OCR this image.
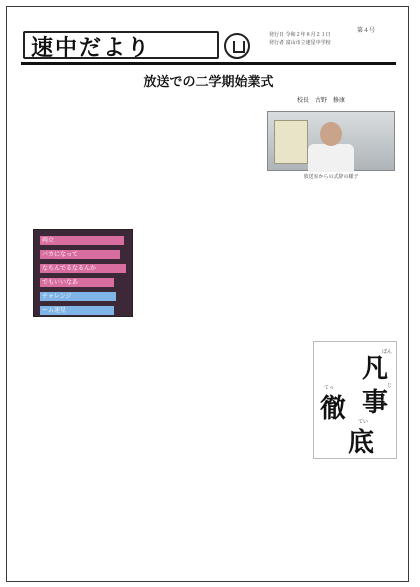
速中だより
第４号
発行日 令和２年８月２１日
発行者 富山市立速星中学校
放送での二学期始業式
校長　古野　修康
放送室からの式辞の様子
両立
バカになって
なちんでるなるんか
でもいいなあ
チャレンジ
ーム速星
凡
徹
底
事
ぼん
てっ
てい
じ
